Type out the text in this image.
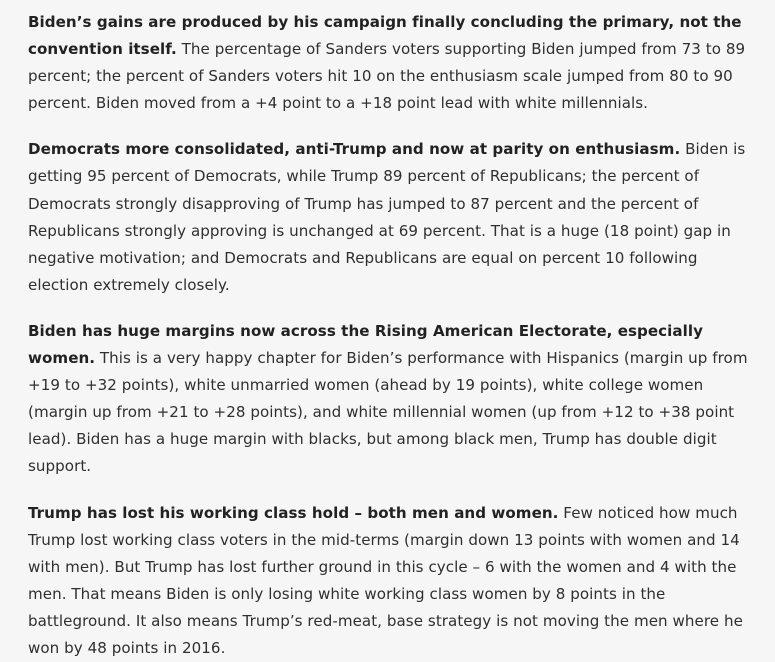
Biden’s gains are produced by his campaign finally concluding the primary, not the convention itself. The percentage of Sanders voters supporting Biden jumped from 73 to 89 percent; the percent of Sanders voters hit 10 on the enthusiasm scale jumped from 80 to 90 percent. Biden moved from a +4 point to a +18 point lead with white millennials.

Democrats more consolidated, anti-Trump and now at parity on enthusiasm. Biden is getting 95 percent of Democrats, while Trump 89 percent of Republicans; the percent of Democrats strongly disapproving of Trump has jumped to 87 percent and the percent of Republicans strongly approving is unchanged at 69 percent. That is a huge (18 point) gap in negative motivation; and Democrats and Republicans are equal on percent 10 following election extremely closely.

Biden has huge margins now across the Rising American Electorate, especially women. This is a very happy chapter for Biden’s performance with Hispanics (margin up from +19 to +32 points), white unmarried women (ahead by 19 points), white college women (margin up from +21 to +28 points), and white millennial women (up from +12 to +38 point lead). Biden has a huge margin with blacks, but among black men, Trump has double digit support.

Trump has lost his working class hold – both men and women. Few noticed how much Trump lost working class voters in the mid-terms (margin down 13 points with women and 14 with men). But Trump has lost further ground in this cycle – 6 with the women and 4 with the men. That means Biden is only losing white working class women by 8 points in the battleground. It also means Trump’s red-meat, base strategy is not moving the men where he won by 48 points in 2016.
